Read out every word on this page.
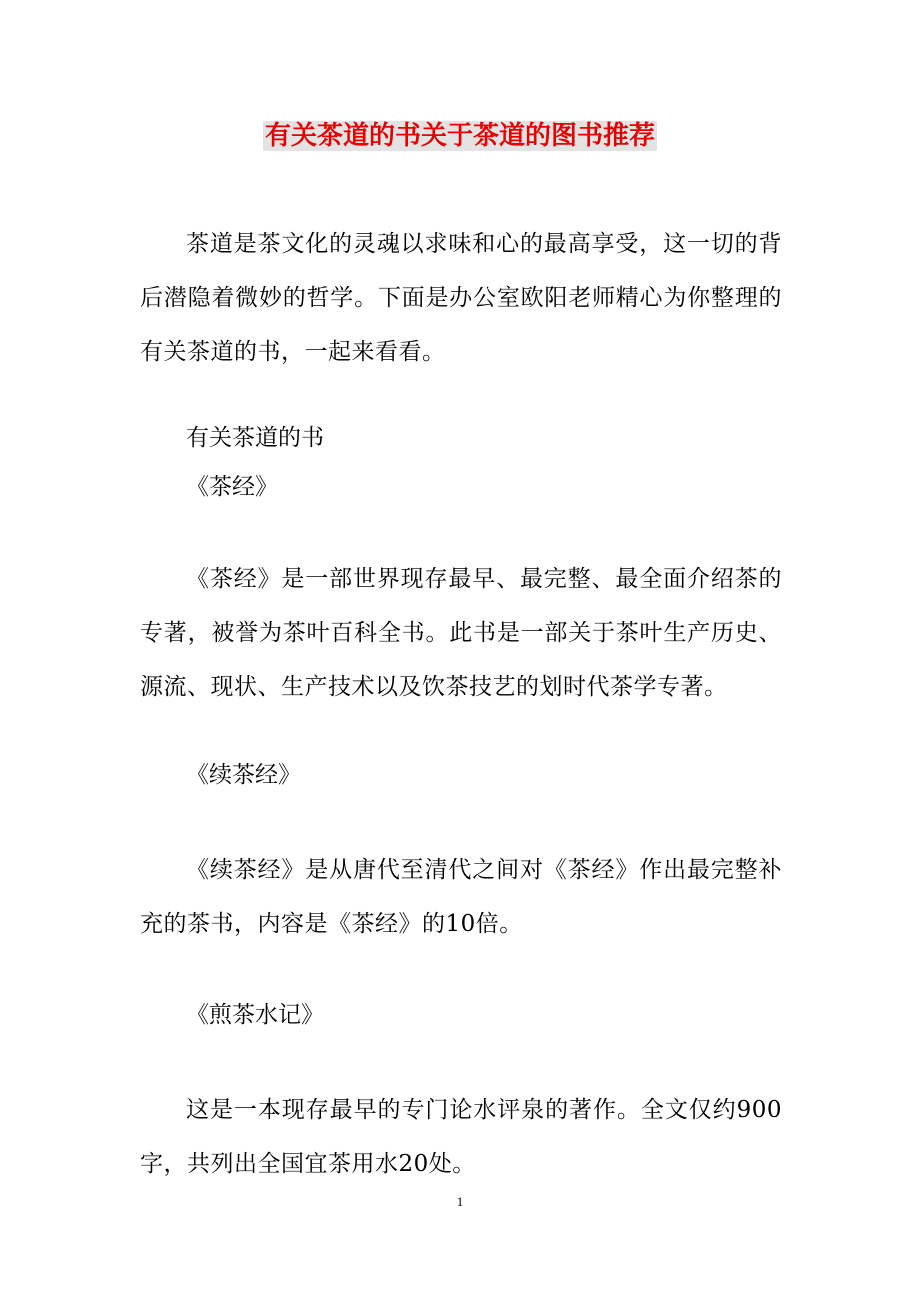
有关茶道的书关于茶道的图书推荐

茶道是茶文化的灵魂以求味和心的最高享受，这一切的背后潜隐着微妙的哲学。下面是办公室欧阳老师精心为你整理的有关茶道的书，一起来看看。

有关茶道的书

《茶经》

《茶经》是一部世界现存最早、最完整、最全面介绍茶的专著，被誉为茶叶百科全书。此书是一部关于茶叶生产历史、源流、现状、生产技术以及饮茶技艺的划时代茶学专著。

《续茶经》

《续茶经》是从唐代至清代之间对《茶经》作出最完整补充的茶书，内容是《茶经》的10倍。

《煎茶水记》

这是一本现存最早的专门论水评泉的著作。全文仅约900字，共列出全国宜茶用水20处。

1
